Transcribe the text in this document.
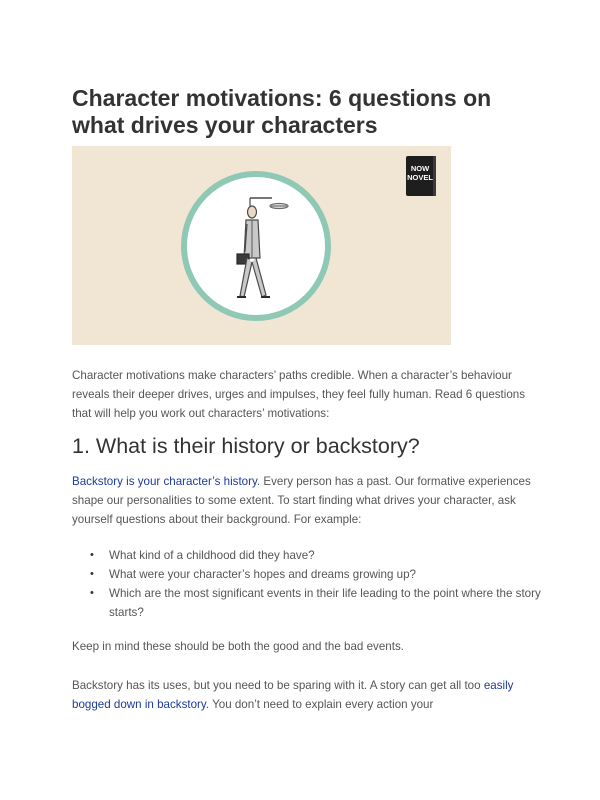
Character motivations: 6 questions on what drives your characters
NOW
NOVEL

Character motivations make characters’ paths credible. When a character’s behaviour reveals their deeper drives, urges and impulses, they feel fully human. Read 6 questions that will help you work out characters’ motivations:

1. What is their history or backstory?

Backstory is your character’s history. Every person has a past. Our formative experiences shape our personalities to some extent. To start finding what drives your character, ask yourself questions about their background. For example:

• What kind of a childhood did they have?
• What were your character’s hopes and dreams growing up?
• Which are the most significant events in their life leading to the point where the story starts?

Keep in mind these should be both the good and the bad events.

Backstory has its uses, but you need to be sparing with it. A story can get all too easily bogged down in backstory. You don’t need to explain every action your
